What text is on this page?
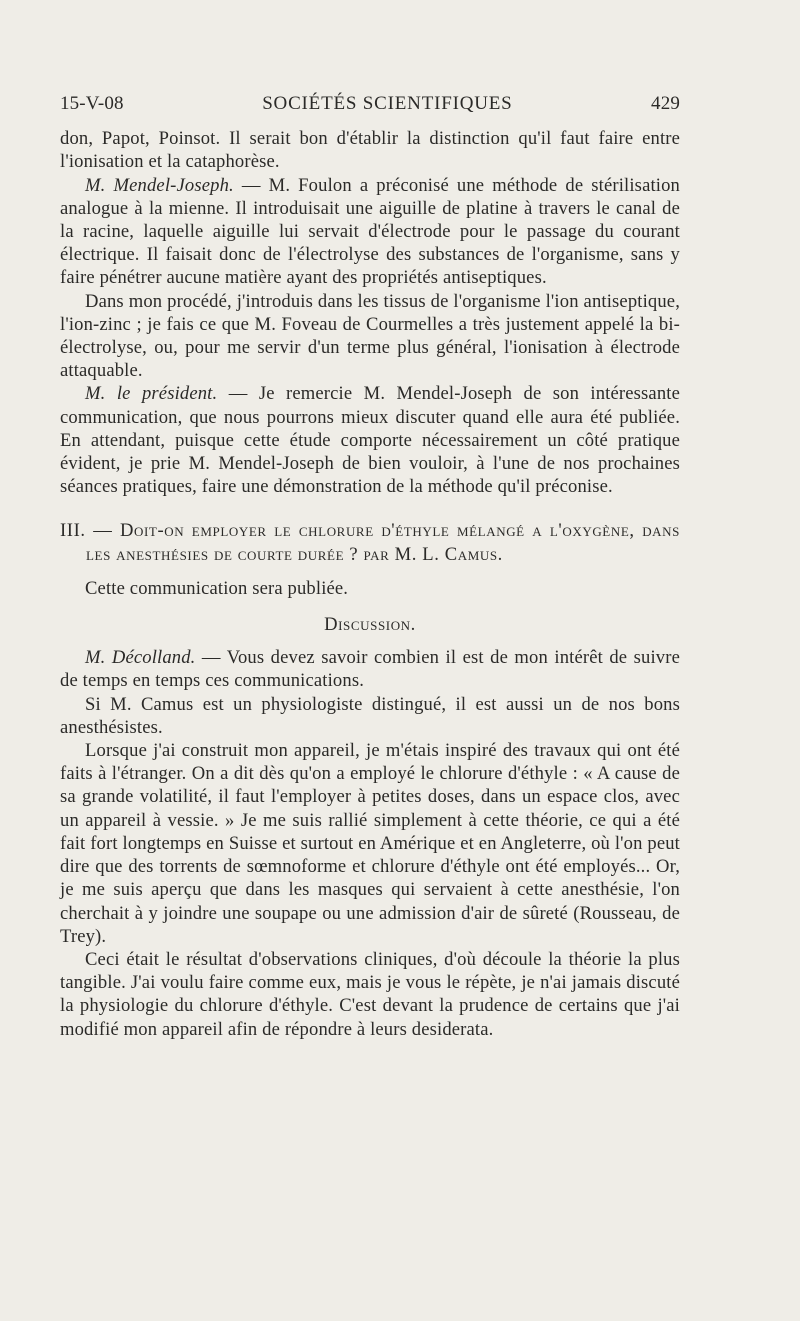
15-V-08	SOCIÉTÉS SCIENTIFIQUES	429

don, Papot, Poinsot. Il serait bon d'établir la distinction qu'il faut faire entre l'ionisation et la cataphorèse.

M. Mendel-Joseph. — M. Foulon a préconisé une méthode de stérilisation analogue à la mienne. Il introduisait une aiguille de platine à travers le canal de la racine, laquelle aiguille lui servait d'électrode pour le passage du courant électrique. Il faisait donc de l'électrolyse des substances de l'organisme, sans y faire pénétrer aucune matière ayant des propriétés antiseptiques.

Dans mon procédé, j'introduis dans les tissus de l'organisme l'ion antiseptique, l'ion-zinc ; je fais ce que M. Foveau de Courmelles a très justement appelé la bi-électrolyse, ou, pour me servir d'un terme plus général, l'ionisation à électrode attaquable.

M. le président. — Je remercie M. Mendel-Joseph de son intéressante communication, que nous pourrons mieux discuter quand elle aura été publiée. En attendant, puisque cette étude comporte nécessairement un côté pratique évident, je prie M. Mendel-Joseph de bien vouloir, à l'une de nos prochaines séances pratiques, faire une démonstration de la méthode qu'il préconise.

III. — Doit-on employer le chlorure d'éthyle mélangé a l'oxygène, dans les anesthésies de courte durée ? par M. L. Camus.

Cette communication sera publiée.

Discussion.

M. Décolland. — Vous devez savoir combien il est de mon intérêt de suivre de temps en temps ces communications.

Si M. Camus est un physiologiste distingué, il est aussi un de nos bons anesthésistes.

Lorsque j'ai construit mon appareil, je m'étais inspiré des travaux qui ont été faits à l'étranger. On a dit dès qu'on a employé le chlorure d'éthyle : « A cause de sa grande volatilité, il faut l'employer à petites doses, dans un espace clos, avec un appareil à vessie. » Je me suis rallié simplement à cette théorie, ce qui a été fait fort longtemps en Suisse et surtout en Amérique et en Angleterre, où l'on peut dire que des torrents de sœmnoforme et chlorure d'éthyle ont été employés... Or, je me suis aperçu que dans les masques qui servaient à cette anesthésie, l'on cherchait à y joindre une soupape ou une admission d'air de sûreté (Rousseau, de Trey).

Ceci était le résultat d'observations cliniques, d'où découle la théorie la plus tangible. J'ai voulu faire comme eux, mais je vous le répète, je n'ai jamais discuté la physiologie du chlorure d'éthyle. C'est devant la prudence de certains que j'ai modifié mon appareil afin de répondre à leurs desiderata.
